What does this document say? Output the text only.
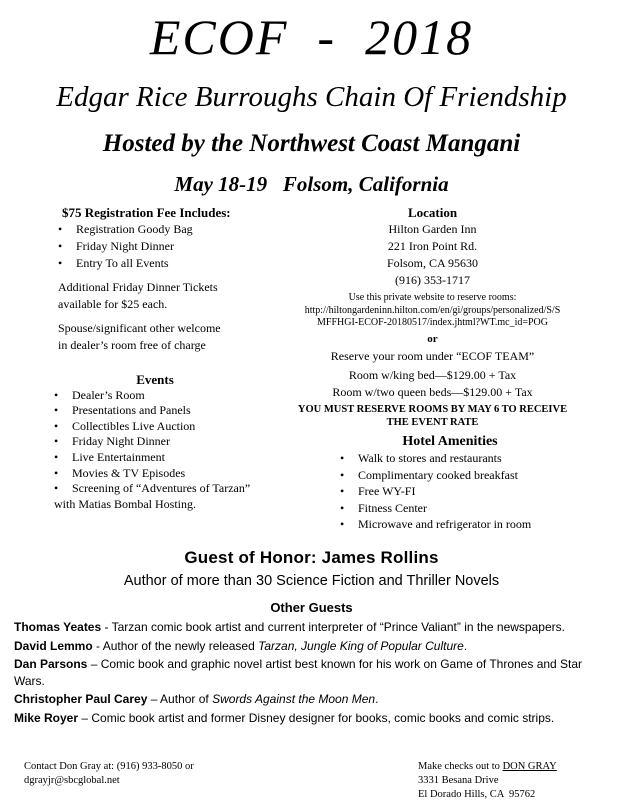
ECOF  -  2018
Edgar Rice Burroughs Chain Of Friendship
Hosted by the Northwest Coast Mangani
May 18-19   Folsom, California
$75 Registration Fee Includes:
• Registration Goody Bag
• Friday Night Dinner
• Entry To all Events
Additional Friday Dinner Tickets
available for $25 each.
Spouse/significant other welcome
in dealer’s room free of charge
Events
• Dealer’s Room
• Presentations and Panels
• Collectibles Live Auction
• Friday Night Dinner
• Live Entertainment
• Movies & TV Episodes
• Screening of “Adventures of Tarzan”
with Matias Bombal Hosting.
Location
Hilton Garden Inn
221 Iron Point Rd.
Folsom, CA 95630
(916) 353-1717
Use this private website to reserve rooms:
http://hiltongardeninn.hilton.com/en/gi/groups/personalized/S/S
MFFHGI-ECOF-20180517/index.jhtml?WT.mc_id=POG
or
Reserve your room under “ECOF TEAM”
Room w/king bed—$129.00 + Tax
Room w/two queen beds—$129.00 + Tax
YOU MUST RESERVE ROOMS BY MAY 6 TO RECEIVE
THE EVENT RATE
Hotel Amenities
• Walk to stores and restaurants
• Complimentary cooked breakfast
• Free WY-FI
• Fitness Center
• Microwave and refrigerator in room
Guest of Honor: James Rollins
Author of more than 30 Science Fiction and Thriller Novels
Other Guests
Thomas Yeates - Tarzan comic book artist and current interpreter of “Prince Valiant” in the newspapers.
David Lemmo - Author of the newly released Tarzan, Jungle King of Popular Culture.
Dan Parsons – Comic book and graphic novel artist best known for his work on Game of Thrones and Star Wars.
Christopher Paul Carey – Author of Swords Against the Moon Men.
Mike Royer – Comic book artist and former Disney designer for books, comic books and comic strips.
Contact Don Gray at: (916) 933-8050 or
dgrayjr@sbcglobal.net
Make checks out to DON GRAY
3331 Besana Drive
El Dorado Hills, CA  95762
